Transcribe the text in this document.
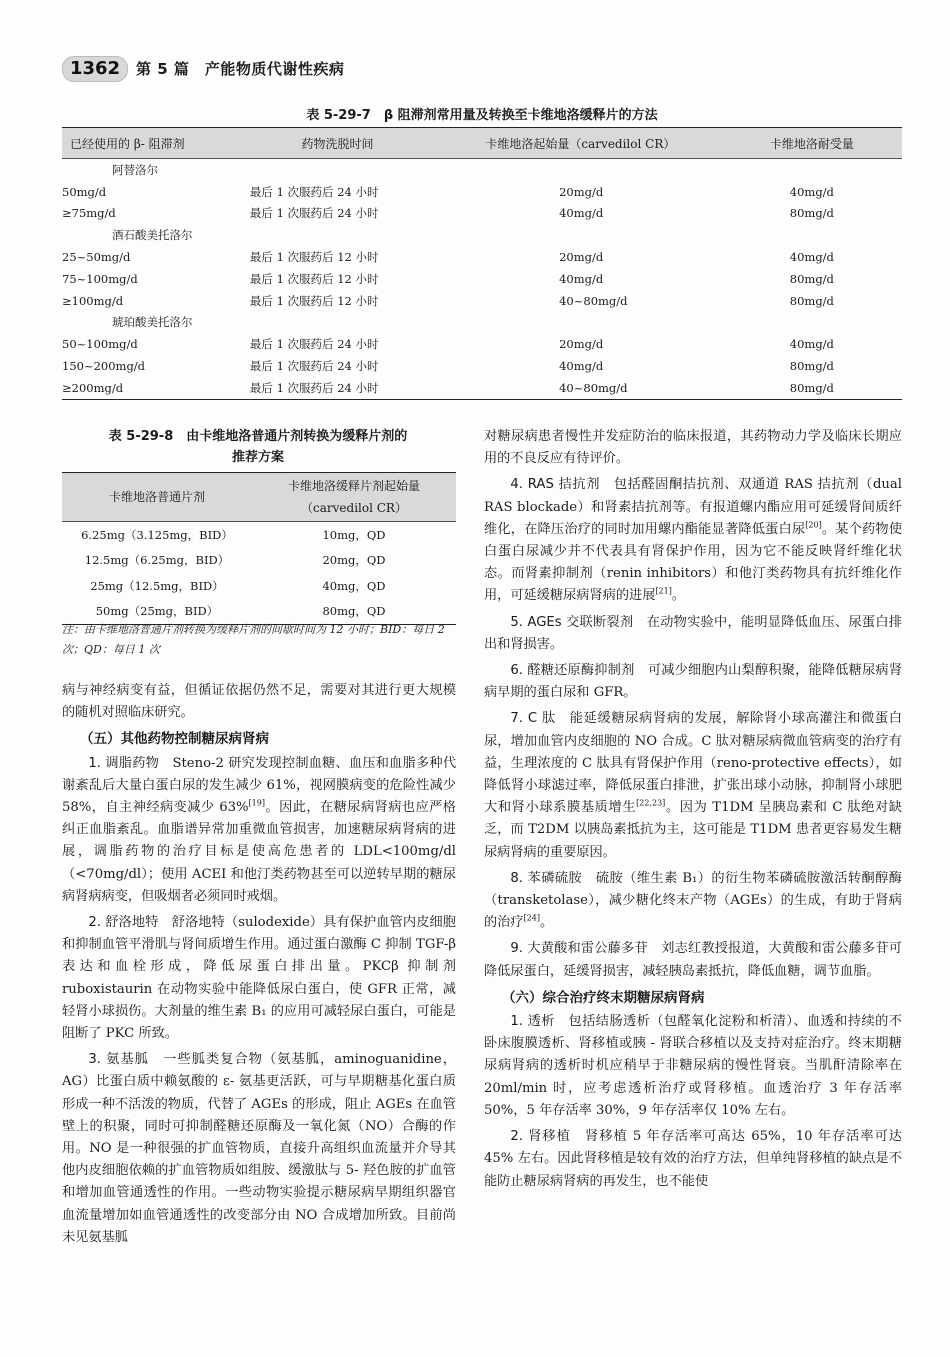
1362	第 5 篇　产能物质代谢性疾病
表 5-29-7　β 阻滞剂常用量及转换至卡维地洛缓释片的方法
已经使用的 β- 阻滞剂	药物洗脱时间	卡维地洛起始量（carvedilol CR）	卡维地洛耐受量
阿替洛尔			
50mg/d	最后 1 次服药后 24 小时	20mg/d	40mg/d
≥75mg/d	最后 1 次服药后 24 小时	40mg/d	80mg/d
酒石酸美托洛尔			
25~50mg/d	最后 1 次服药后 12 小时	20mg/d	40mg/d
75~100mg/d	最后 1 次服药后 12 小时	40mg/d	80mg/d
≥100mg/d	最后 1 次服药后 12 小时	40~80mg/d	80mg/d
琥珀酸美托洛尔			
50~100mg/d	最后 1 次服药后 24 小时	20mg/d	40mg/d
150~200mg/d	最后 1 次服药后 24 小时	40mg/d	80mg/d
≥200mg/d	最后 1 次服药后 24 小时	40~80mg/d	80mg/d
表 5-29-8　由卡维地洛普通片剂转换为缓释片剂的
推荐方案
卡维地洛普通片剂	卡维地洛缓释片剂起始量
（carvedilol CR）

6.25mg（3.125mg，BID）	10mg，QD
12.5mg（6.25mg，BID）	20mg，QD
25mg（12.5mg，BID）	40mg，QD
50mg（25mg，BID）	80mg，QD
注：由卡维地洛普通片剂转换为缓释片剂的间歇时间为 12 小时；BID：每日 2 次；QD：每日 1 次

病与神经病变有益，但循证依据仍然不足，需要对其进行更大规模的随机对照临床研究。

（五）其他药物控制糖尿病肾病

1. 调脂药物　Steno-2 研究发现控制血糖、血压和血脂多种代谢紊乱后大量白蛋白尿的发生减少 61%，视网膜病变的危险性减少 58%，自主神经病变减少 63%[19]。因此，在糖尿病肾病也应严格纠正血脂紊乱。血脂谱异常加重微血管损害，加速糖尿病肾病的进展，调脂药物的治疗目标是使高危患者的 LDL<100mg/dl（<70mg/dl）；使用 ACEI 和他汀类药物甚至可以逆转早期的糖尿病肾病病变，但吸烟者必须同时戒烟。

2. 舒洛地特　舒洛地特（sulodexide）具有保护血管内皮细胞和抑制血管平滑肌与肾间质增生作用。通过蛋白激酶 C 抑制 TGF-β 表达和血栓形成，降低尿蛋白排出量。PKCβ 抑制剂 ruboxistaurin 在动物实验中能降低尿白蛋白，使 GFR 正常，减轻肾小球损伤。大剂量的维生素 B₁ 的应用可减轻尿白蛋白，可能是阻断了 PKC 所致。

3. 氨基胍　一些胍类复合物（氨基胍，aminoguanidine，AG）比蛋白质中赖氨酸的 ε- 氨基更活跃，可与早期糖基化蛋白质形成一种不活泼的物质，代替了 AGEs 的形成，阻止 AGEs 在血管壁上的积聚，同时可抑制醛糖还原酶及一氧化氮（NO）合酶的作用。NO 是一种很强的扩血管物质，直接升高组织血流量并介导其他内皮细胞依赖的扩血管物质如组胺、缓激肽与 5- 羟色胺的扩血管和增加血管通透性的作用。一些动物实验提示糖尿病早期组织器官血流量增加如血管通透性的改变部分由 NO 合成增加所致。目前尚未见氨基胍

对糖尿病患者慢性并发症防治的临床报道，其药物动力学及临床长期应用的不良反应有待评价。

4. RAS 拮抗剂　包括醛固酮拮抗剂、双通道 RAS 拮抗剂（dual RAS blockade）和肾素拮抗剂等。有报道螺内酯应用可延缓肾间质纤维化，在降压治疗的同时加用螺内酯能显著降低蛋白尿[20]。某个药物使白蛋白尿减少并不代表具有肾保护作用，因为它不能反映肾纤维化状态。而肾素抑制剂（renin inhibitors）和他汀类药物具有抗纤维化作用，可延缓糖尿病肾病的进展[21]。

5. AGEs 交联断裂剂　在动物实验中，能明显降低血压、尿蛋白排出和肾损害。

6. 醛糖还原酶抑制剂　可减少细胞内山梨醇积聚，能降低糖尿病肾病早期的蛋白尿和 GFR。

7. C 肽　能延缓糖尿病肾病的发展，解除肾小球高灌注和微蛋白尿，增加血管内皮细胞的 NO 合成。C 肽对糖尿病微血管病变的治疗有益，生理浓度的 C 肽具有肾保护作用（reno-protective effects），如降低肾小球滤过率，降低尿蛋白排泄，扩张出球小动脉，抑制肾小球肥大和肾小球系膜基质增生[22,23]。因为 T1DM 呈胰岛素和 C 肽绝对缺乏，而 T2DM 以胰岛素抵抗为主，这可能是 T1DM 患者更容易发生糖尿病肾病的重要原因。

8. 苯磷硫胺　硫胺（维生素 B₁）的衍生物苯磷硫胺激活转酮醇酶（transketolase），减少糖化终末产物（AGEs）的生成，有助于肾病的治疗[24]。

9. 大黄酸和雷公藤多苷　刘志红教授报道，大黄酸和雷公藤多苷可降低尿蛋白，延缓肾损害，减轻胰岛素抵抗，降低血糖，调节血脂。

（六）综合治疗终末期糖尿病肾病

1. 透析　包括结肠透析（包醛氧化淀粉和析清）、血透和持续的不卧床腹膜透析、肾移植或胰 - 肾联合移植以及支持对症治疗。终末期糖尿病肾病的透析时机应稍早于非糖尿病的慢性肾衰。当肌酐清除率在 20ml/min 时，应考虑透析治疗或肾移植。血透治疗 3 年存活率 50%，5 年存活率 30%，9 年存活率仅 10% 左右。

2. 肾移植　肾移植 5 年存活率可高达 65%，10 年存活率可达 45% 左右。因此肾移植是较有效的治疗方法，但单纯肾移植的缺点是不能防止糖尿病肾病的再发生，也不能使
